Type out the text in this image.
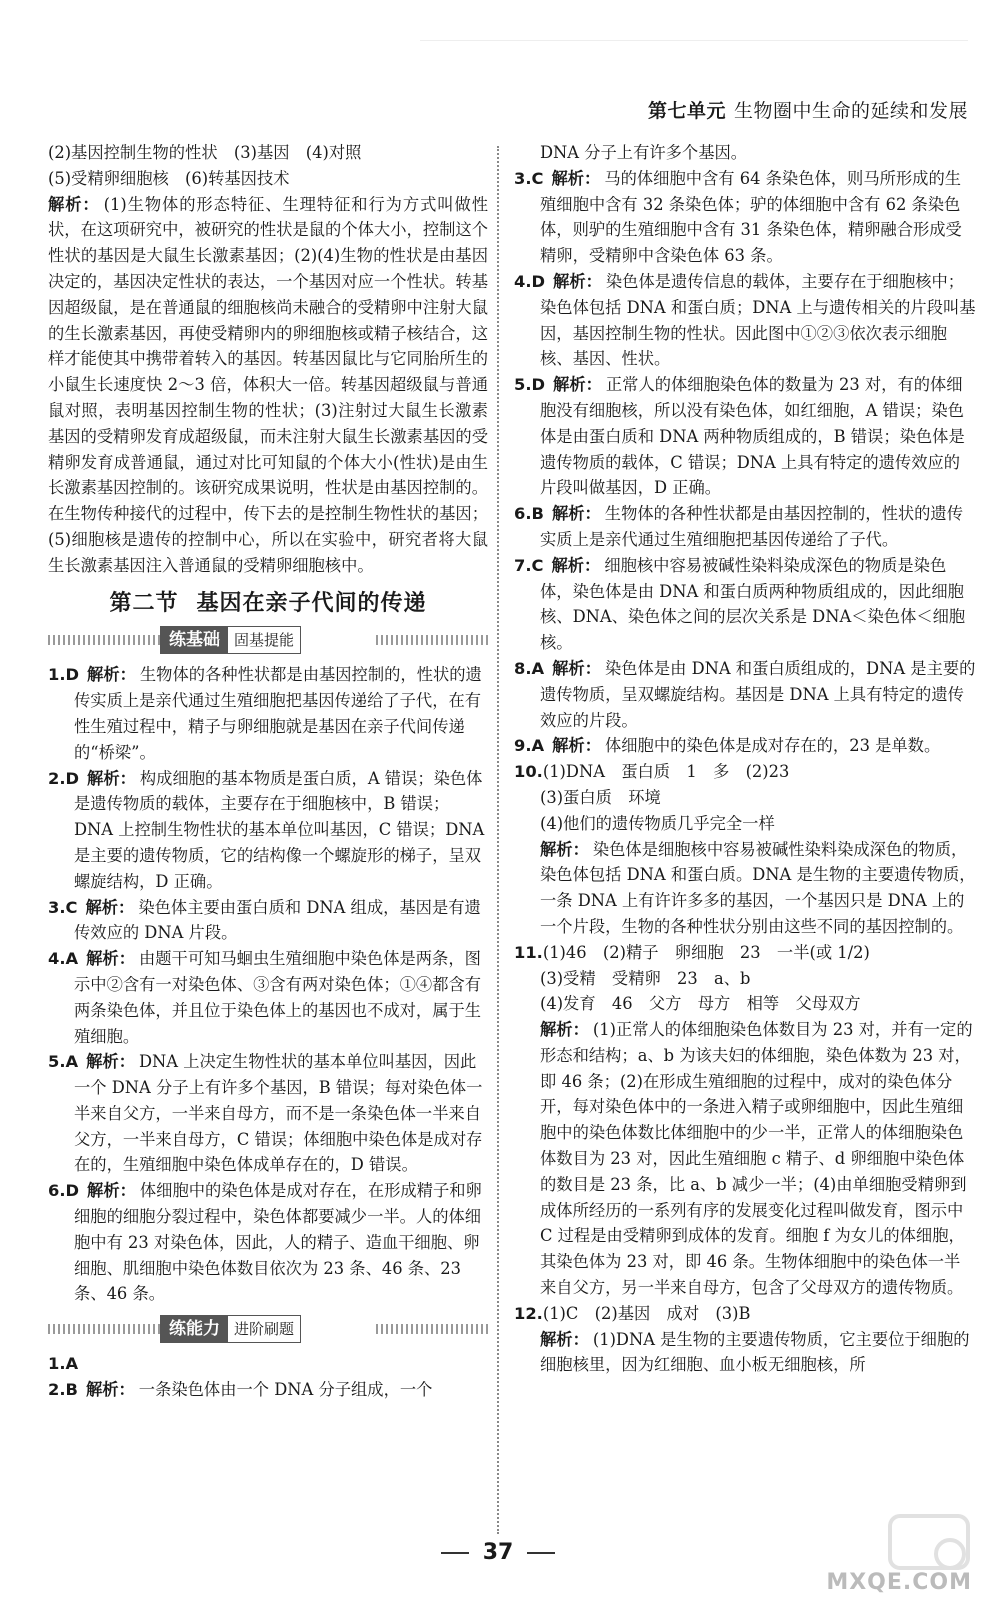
第七单元 生物圈中生命的延续和发展

(2)基因控制生物的性状　(3)基因　(4)对照

(5)受精卵细胞核　(6)转基因技术

解析： (1)生物体的形态特征、生理特征和行为方式叫做性状，在这项研究中，被研究的性状是鼠的个体大小，控制这个性状的基因是大鼠生长激素基因；(2)(4)生物的性状是由基因决定的，基因决定性状的表达，一个基因对应一个性状。转基因超级鼠，是在普通鼠的细胞核尚未融合的受精卵中注射大鼠的生长激素基因，再使受精卵内的卵细胞核或精子核结合，这样才能使其中携带着转入的基因。转基因鼠比与它同胎所生的小鼠生长速度快 2～3 倍，体积大一倍。转基因超级鼠与普通鼠对照，表明基因控制生物的性状；(3)注射过大鼠生长激素基因的受精卵发育成超级鼠，而未注射大鼠生长激素基因的受精卵发育成普通鼠，通过对比可知鼠的个体大小(性状)是由生长激素基因控制的。该研究成果说明，性状是由基因控制的。在生物传种接代的过程中，传下去的是控制生物性状的基因；(5)细胞核是遗传的控制中心，所以在实验中，研究者将大鼠生长激素基因注入普通鼠的受精卵细胞核中。

第二节 基因在亲子代间的传递
练基础 固基提能

1.D 解析： 生物体的各种性状都是由基因控制的，性状的遗传实质上是亲代通过生殖细胞把基因传递给了子代，在有性生殖过程中，精子与卵细胞就是基因在亲子代间传递的“桥梁”。

2.D 解析： 构成细胞的基本物质是蛋白质，A 错误；染色体是遗传物质的载体，主要存在于细胞核中，B 错误；DNA 上控制生物性状的基本单位叫基因，C 错误；DNA 是主要的遗传物质，它的结构像一个螺旋形的梯子，呈双螺旋结构，D 正确。

3.C 解析： 染色体主要由蛋白质和 DNA 组成，基因是有遗传效应的 DNA 片段。

4.A 解析： 由题干可知马蛔虫生殖细胞中染色体是两条，图示中②含有一对染色体、③含有两对染色体；①④都含有两条染色体，并且位于染色体上的基因也不成对，属于生殖细胞。

5.A 解析： DNA 上决定生物性状的基本单位叫基因，因此一个 DNA 分子上有许多个基因，B 错误；每对染色体一半来自父方，一半来自母方，而不是一条染色体一半来自父方，一半来自母方，C 错误；体细胞中染色体是成对存在的，生殖细胞中染色体成单存在的，D 错误。

6.D 解析： 体细胞中的染色体是成对存在，在形成精子和卵细胞的细胞分裂过程中，染色体都要减少一半。人的体细胞中有 23 对染色体，因此，人的精子、造血干细胞、卵细胞、肌细胞中染色体数目依次为 23 条、46 条、23 条、46 条。

练能力 进阶刷题

1.A

2.B 解析： 一条染色体由一个 DNA 分子组成，一个

DNA 分子上有许多个基因。

3.C 解析： 马的体细胞中含有 64 条染色体，则马所形成的生殖细胞中含有 32 条染色体；驴的体细胞中含有 62 条染色体，则驴的生殖细胞中含有 31 条染色体，精卵融合形成受精卵，受精卵中含染色体 63 条。

4.D 解析： 染色体是遗传信息的载体，主要存在于细胞核中；染色体包括 DNA 和蛋白质；DNA 上与遗传相关的片段叫基因，基因控制生物的性状。因此图中①②③依次表示细胞核、基因、性状。

5.D 解析： 正常人的体细胞染色体的数量为 23 对，有的体细胞没有细胞核，所以没有染色体，如红细胞，A 错误；染色体是由蛋白质和 DNA 两种物质组成的，B 错误；染色体是遗传物质的载体，C 错误；DNA 上具有特定的遗传效应的片段叫做基因，D 正确。

6.B 解析： 生物体的各种性状都是由基因控制的，性状的遗传实质上是亲代通过生殖细胞把基因传递给了子代。

7.C 解析： 细胞核中容易被碱性染料染成深色的物质是染色体，染色体是由 DNA 和蛋白质两种物质组成的，因此细胞核、DNA、染色体之间的层次关系是 DNA＜染色体＜细胞核。

8.A 解析： 染色体是由 DNA 和蛋白质组成的，DNA 是主要的遗传物质，呈双螺旋结构。基因是 DNA 上具有特定的遗传效应的片段。

9.A 解析： 体细胞中的染色体是成对存在的，23 是单数。

10.(1)DNA　蛋白质　1　多　(2)23

(3)蛋白质　环境

(4)他们的遗传物质几乎完全一样

解析： 染色体是细胞核中容易被碱性染料染成深色的物质，染色体包括 DNA 和蛋白质。DNA 是生物的主要遗传物质，一条 DNA 上有许许多多的基因，一个基因只是 DNA 上的一个片段，生物的各种性状分别由这些不同的基因控制的。

11.(1)46　(2)精子　卵细胞　23　一半(或 1/2)

(3)受精　受精卵　23　a、b

(4)发育　46　父方　母方　相等　父母双方

解析： (1)正常人的体细胞染色体数目为 23 对，并有一定的形态和结构；a、b 为该夫妇的体细胞，染色体数为 23 对，即 46 条；(2)在形成生殖细胞的过程中，成对的染色体分开，每对染色体中的一条进入精子或卵细胞中，因此生殖细胞中的染色体数比体细胞中的少一半，正常人的体细胞染色体数目为 23 对，因此生殖细胞 c 精子、d 卵细胞中染色体的数目是 23 条，比 a、b 减少一半；(4)由单细胞受精卵到成体所经历的一系列有序的发展变化过程叫做发育，图示中 C 过程是由受精卵到成体的发育。细胞 f 为女儿的体细胞，其染色体为 23 对，即 46 条。生物体细胞中的染色体一半来自父方，另一半来自母方，包含了父母双方的遗传物质。

12.(1)C　(2)基因　成对　(3)B

解析： (1)DNA 是生物的主要遗传物质，它主要位于细胞的细胞核里，因为红细胞、血小板无细胞核，所

37
MXQE.COM
